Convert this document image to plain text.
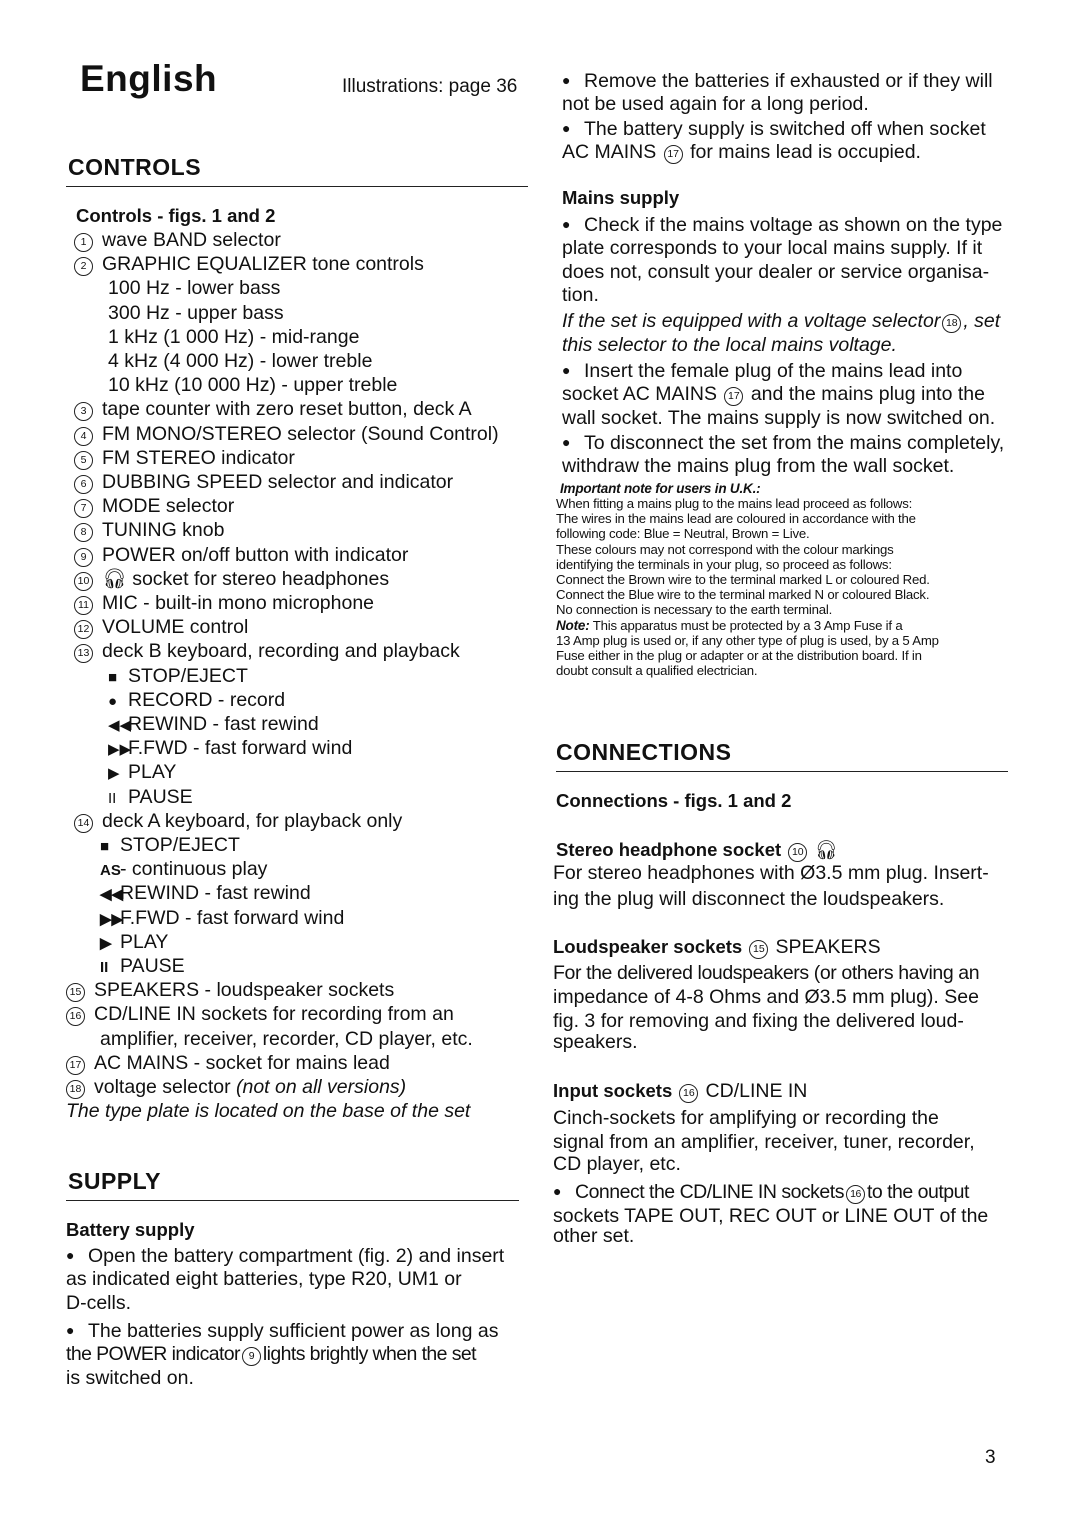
English	Illustrations: page 36
CONTROLS
Controls - figs. 1 and 2
1 wave BAND selector
2 GRAPHIC EQUALIZER tone controls
100 Hz - lower bass
300 Hz - upper bass
1 kHz (1 000 Hz) - mid-range
4 kHz (4 000 Hz) - lower treble
10 kHz (10 000 Hz) - upper treble
3 tape counter with zero reset button, deck A
4 FM MONO/STEREO selector (Sound Control)
5 FM STEREO indicator
6 DUBBING SPEED selector and indicator
7 MODE selector
8 TUNING knob
9 POWER on/off button with indicator
10 🎧︎ socket for stereo headphones
11 MIC - built-in mono microphone
12 VOLUME control
13 deck B keyboard, recording and playback
■ STOP/EJECT
● RECORD - record
◀◀REWIND - fast rewind
▶▶F.FWD - fast forward wind
▶ PLAY
II PAUSE
14 deck A keyboard, for playback only
■ STOP/EJECT
AS- continuous play
◀◀REWIND - fast rewind
▶▶F.FWD - fast forward wind
▶ PLAY
II PAUSE
15 SPEAKERS - loudspeaker sockets
16 CD/LINE IN sockets for recording from an
amplifier, receiver, recorder, CD player, etc.
17 AC MAINS - socket for mains lead
18 voltage selector (not on all versions)
The type plate is located on the base of the set
SUPPLY
Battery supply
● Open the battery compartment (fig. 2) and insert
as indicated eight batteries, type R20, UM1 or
D-cells.
● The batteries supply sufficient power as long as
the POWER indicator 9 lights brightly when the set
is switched on.
● Remove the batteries if exhausted or if they will
not be used again for a long period.
● The battery supply is switched off when socket
AC MAINS 17 for mains lead is occupied.
Mains supply
● Check if the mains voltage as shown on the type
plate corresponds to your local mains supply. If it
does not, consult your dealer or service organisa-
tion.
If the set is equipped with a voltage selector 18 , set
this selector to the local mains voltage.
● Insert the female plug of the mains lead into
socket AC MAINS 17 and the mains plug into the
wall socket. The mains supply is now switched on.
● To disconnect the set from the mains completely,
withdraw the mains plug from the wall socket.
Important note for users in U.K.:
When fitting a mains plug to the mains lead proceed as follows:
The wires in the mains lead are coloured in accordance with the
following code: Blue = Neutral, Brown = Live.
These colours may not correspond with the colour markings
identifying the terminals in your plug, so proceed as follows:
Connect the Brown wire to the terminal marked L or coloured Red.
Connect the Blue wire to the terminal marked N or coloured Black.
No connection is necessary to the earth terminal.
Note: This apparatus must be protected by a 3 Amp Fuse if a
13 Amp plug is used or, if any other type of plug is used, by a 5 Amp
Fuse either in the plug or adapter or at the distribution board. If in
doubt consult a qualified electrician.
CONNECTIONS
Connections - figs. 1 and 2
Stereo headphone socket 10 🎧︎
For stereo headphones with Ø3.5 mm plug. Insert-
ing the plug will disconnect the loudspeakers.
Loudspeaker sockets 15 SPEAKERS
For the delivered loudspeakers (or others having an
impedance of 4-8 Ohms and Ø3.5 mm plug). See
fig. 3 for removing and fixing the delivered loud-
speakers.
Input sockets 16 CD/LINE IN
Cinch-sockets for amplifying or recording the
signal from an amplifier, receiver, tuner, recorder,
CD player, etc.
● Connect the CD/LINE IN sockets 16 to the output
sockets TAPE OUT, REC OUT or LINE OUT of the
other set.
3
